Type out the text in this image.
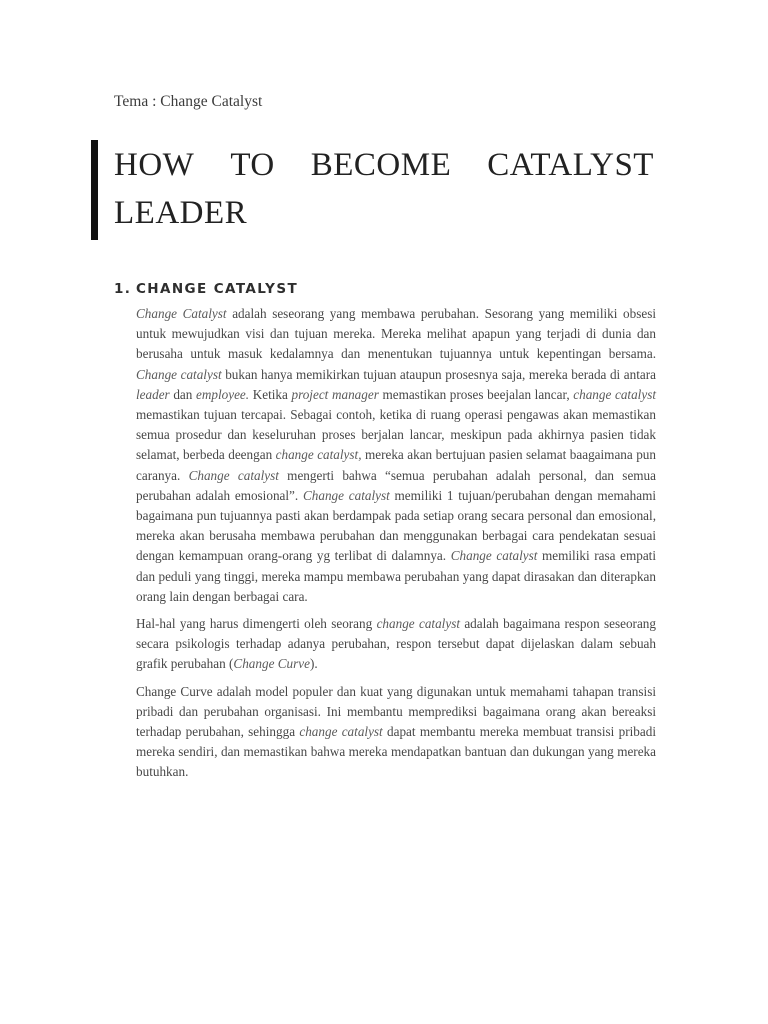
Tema : Change Catalyst
HOW TO BECOME CATALYST
LEADER
1. CHANGE CATALYST

Change Catalyst adalah seseorang yang membawa perubahan. Sesorang yang memiliki obsesi untuk mewujudkan visi dan tujuan mereka. Mereka melihat apapun yang terjadi di dunia dan berusaha untuk masuk kedalamnya dan menentukan tujuannya untuk kepentingan bersama. Change catalyst bukan hanya memikirkan tujuan ataupun prosesnya saja, mereka berada di antara leader dan employee. Ketika project manager memastikan proses beejalan lancar, change catalyst memastikan tujuan tercapai. Sebagai contoh, ketika di ruang operasi pengawas akan memastikan semua prosedur dan keseluruhan proses berjalan lancar, meskipun pada akhirnya pasien tidak selamat, berbeda deengan change catalyst, mereka akan bertujuan pasien selamat baagaimana pun caranya. Change catalyst mengerti bahwa “semua perubahan adalah personal, dan semua perubahan adalah emosional”. Change catalyst memiliki 1 tujuan/perubahan dengan memahami bagaimana pun tujuannya pasti akan berdampak pada setiap orang secara personal dan emosional, mereka akan berusaha membawa perubahan dan menggunakan berbagai cara pendekatan sesuai dengan kemampuan orang-orang yg terlibat di dalamnya. Change catalyst memiliki rasa empati dan peduli yang tinggi, mereka mampu membawa perubahan yang dapat dirasakan dan diterapkan orang lain dengan berbagai cara.

Hal-hal yang harus dimengerti oleh seorang change catalyst adalah bagaimana respon seseorang secara psikologis terhadap adanya perubahan, respon tersebut dapat dijelaskan dalam sebuah grafik perubahan (Change Curve).

Change Curve adalah model populer dan kuat yang digunakan untuk memahami tahapan transisi pribadi dan perubahan organisasi. Ini membantu memprediksi bagaimana orang akan bereaksi terhadap perubahan, sehingga change catalyst dapat membantu mereka membuat transisi pribadi mereka sendiri, dan memastikan bahwa mereka mendapatkan bantuan dan dukungan yang mereka butuhkan.
